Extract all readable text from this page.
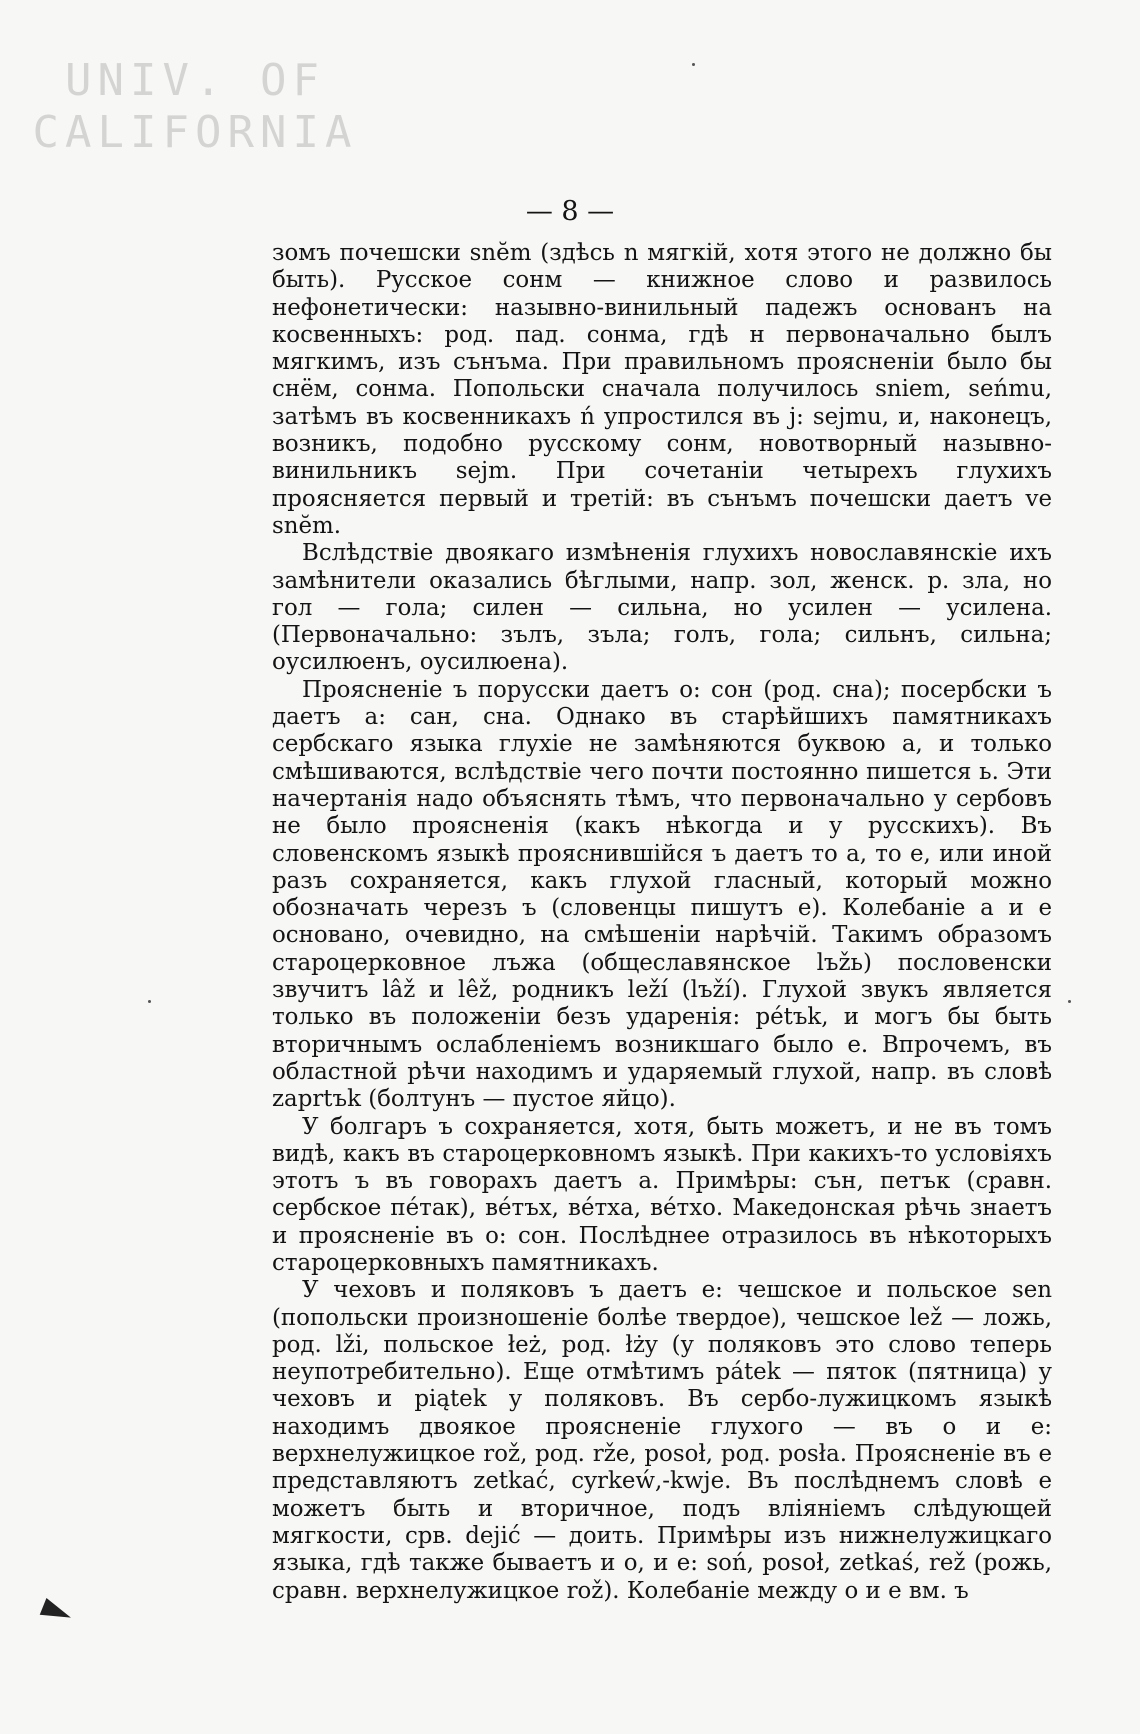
UNIV. OF
CALIFORNIA
— 8 —

зомъ почешски snĕm (здѣсь n мягкій, хотя этого не должно бы быть). Русское сонм — книжное слово и развилось нефонетически: назывно-винильный падежъ основанъ на косвенныхъ: род. пад. сонма, гдѣ н первоначально былъ мягкимъ, изъ сънъма. При правильномъ проясненіи было бы снём, сонма. Попольски сначала получилось sniem, seńmu, затѣмъ въ косвенникахъ ń упростился въ j: sejmu, и, наконецъ, возникъ, подобно русскому сонм, новотворный назывно-винильникъ sejm. При сочетаніи четырехъ глухихъ проясняется первый и третій: въ сънъмъ почешски даетъ ve snĕm.

Вслѣдствіе двоякаго измѣненія глухихъ новославянскіе ихъ замѣнители оказались бѣглыми, напр. зол, женск. р. зла, но гол — гола; силен — сильна, но усилен — усилена. (Первоначально: зълъ, зъла; голъ, гола; сильнъ, сильна; оусилюенъ, оусилюена).

Проясненіе ъ порусски даетъ о: сон (род. сна); посербски ъ даетъ а: сан, сна. Однако въ старѣйшихъ памятникахъ сербскаго языка глухіе не замѣняются буквою а, и только смѣшиваются, вслѣдствіе чего почти постоянно пишется ь. Эти начертанія надо объяснять тѣмъ, что первоначально у сербовъ не было проясненія (какъ нѣкогда и у русскихъ). Въ словенскомъ языкѣ прояснившійся ъ даетъ то а, то е, или иной разъ сохраняется, какъ глухой гласный, который можно обозначать черезъ ъ (словенцы пишутъ е). Колебаніе а и е основано, очевидно, на смѣшеніи нарѣчій. Такимъ образомъ староцерковное лъжа (общеславянское lъžь) пословенски звучитъ lâž и lêž, родникъ leží (lъží). Глухой звукъ является только въ положеніи безъ ударенія: pétъk, и могъ бы быть вторичнымъ ослабленіемъ возникшаго было е. Впрочемъ, въ областной рѣчи находимъ и ударяемый глухой, напр. въ словѣ zaprtъk (болтунъ — пустое яйцо).

У болгаръ ъ сохраняется, хотя, быть можетъ, и не въ томъ видѣ, какъ въ староцерковномъ языкѣ. При какихъ-то условіяхъ этотъ ъ въ говорахъ даетъ а. Примѣры: сън, петък (сравн. сербское пéтак), вéтъх, вéтха, вéтхо. Македонская рѣчь знаетъ и проясненіе въ о: сон. Послѣднее отразилось въ нѣкоторыхъ староцерковныхъ памятникахъ.

У чеховъ и поляковъ ъ даетъ е: чешское и польское sen (попольски произношеніе болѣе твердое), чешское lež — ложь, род. lži, польское łeż, род. łży (у поляковъ это слово теперь неупотребительно). Еще отмѣтимъ pátek — пяток (пятница) у чеховъ и piątek у поляковъ. Въ сербо-лужицкомъ языкѣ находимъ двоякое проясненіе глухого — въ о и е: верхнелужицкое rož, род. rže, posoł, род. posła. Проясненіе въ е представляютъ zetkać, cyrkeẃ,-kwje. Въ послѣднемъ словѣ е можетъ быть и вторичное, подъ вліяніемъ слѣдующей мягкости, срв. dejić — доить. Примѣры изъ нижнелужицкаго языка, гдѣ также бываетъ и о, и е: soń, posoł, zetkaś, rež (рожь, сравн. верхнелужицкое rož). Колебаніе между о и е вм. ъ
